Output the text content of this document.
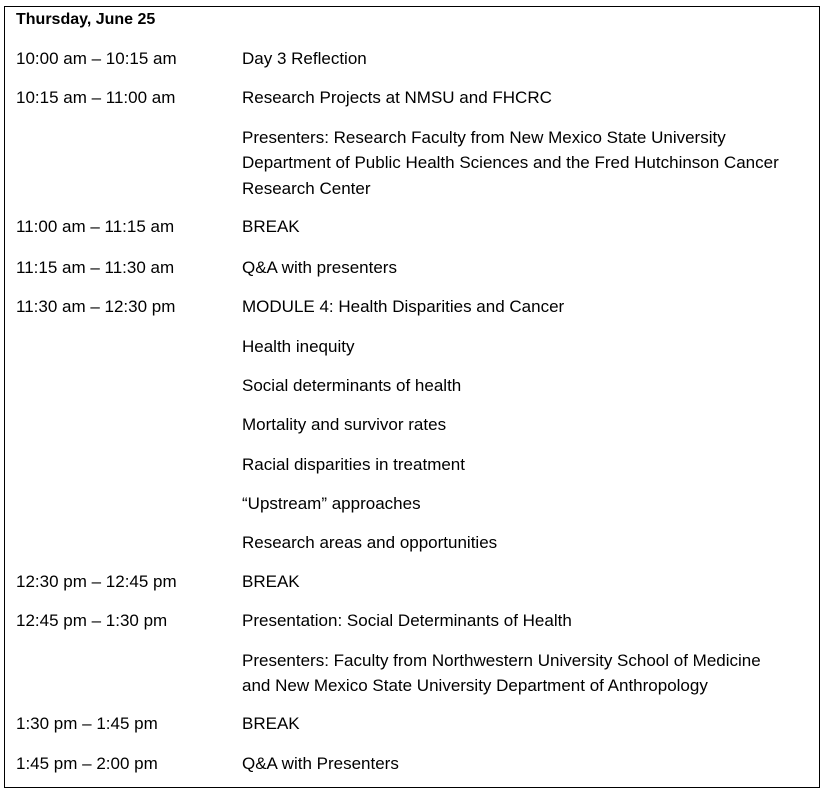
Thursday, June 25
10:00 am – 10:15 am	Day 3 Reflection
10:15 am – 11:00 am	Research Projects at NMSU and FHCRC
Presenters: Research Faculty from New Mexico State University
Department of Public Health Sciences and the Fred Hutchinson Cancer
Research Center
11:00 am – 11:15 am	BREAK
11:15 am – 11:30 am	Q&A with presenters
11:30 am – 12:30 pm	MODULE 4: Health Disparities and Cancer
Health inequity
Social determinants of health
Mortality and survivor rates
Racial disparities in treatment
“Upstream” approaches
Research areas and opportunities
12:30 pm – 12:45 pm	BREAK
12:45 pm – 1:30 pm	Presentation: Social Determinants of Health
Presenters: Faculty from Northwestern University School of Medicine
and New Mexico State University Department of Anthropology
1:30 pm – 1:45 pm	BREAK
1:45 pm – 2:00 pm	Q&A with Presenters
